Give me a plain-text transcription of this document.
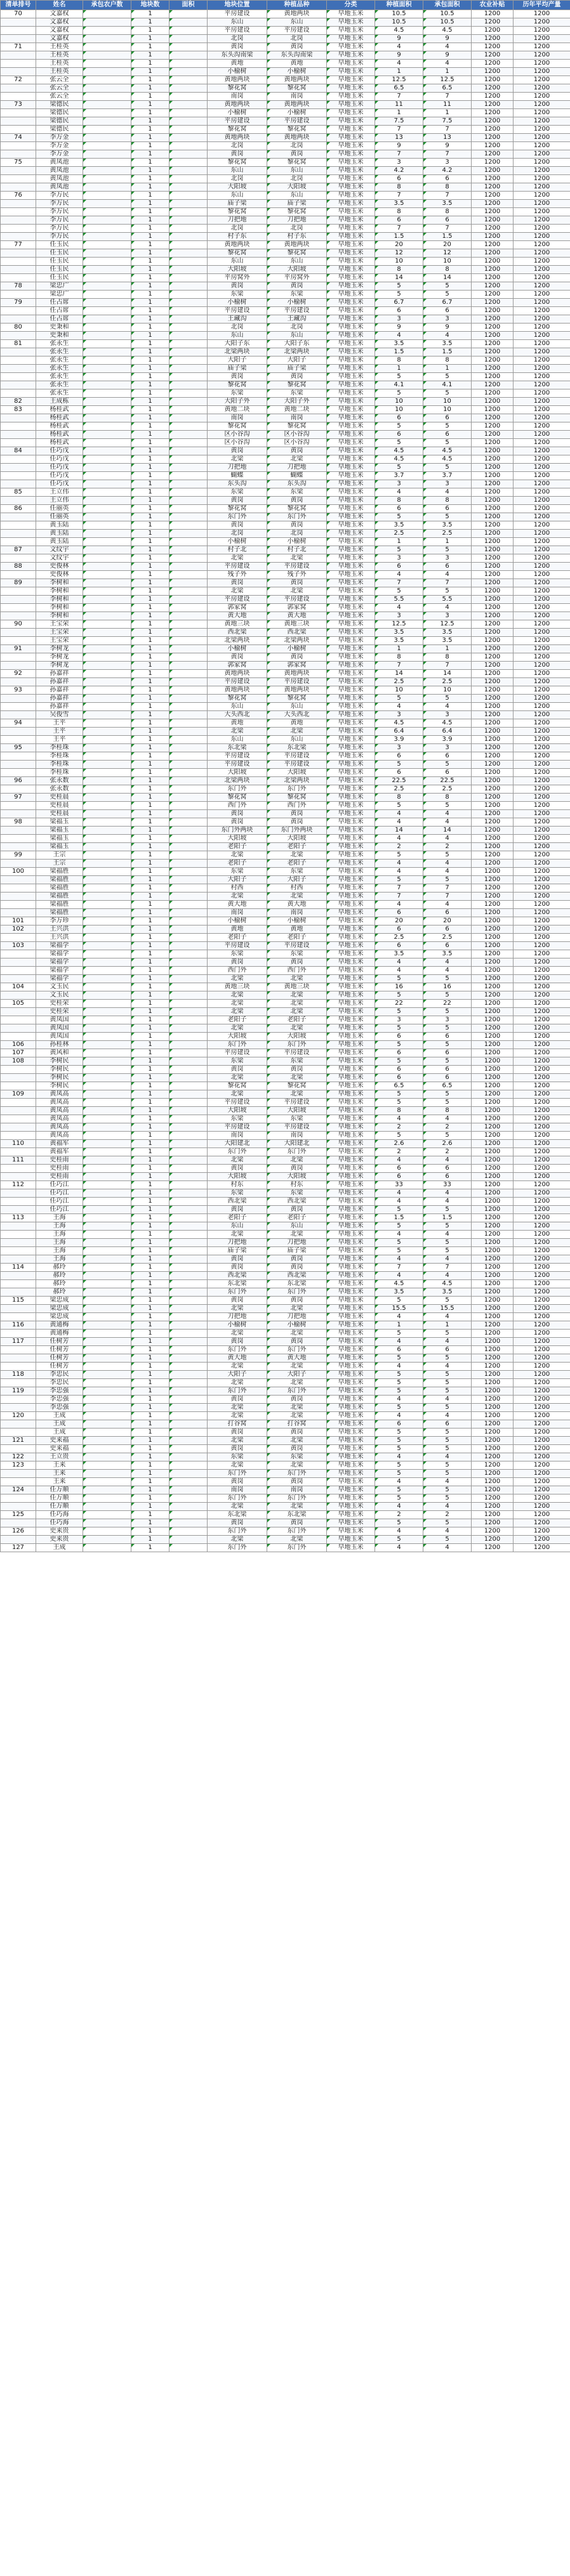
清单排号	姓名	承包农户数	地块数	面积	地块位置	种植品种	分类	种植面积	承包面积	农业补贴	历年平均产量
70	文嘉权		1		平房建设	黄地两块	早地玉米	10.5	10.5	1200	1200
	文嘉权		1		东山	东山	早地玉米	10.5	10.5	1200	1200
	文嘉权		1		平房建设	平房建设	早地玉米	4.5	4.5	1200	1200
	文嘉权		1		北岗	北岗	早地玉米	9	9	1200	1200
71	王桂英		1		黄岗	黄岗	早地玉米	4	4	1200	1200
	王桂英		1		东头沟南梁	东头沟南梁	早地玉米	9	9	1200	1200
	王桂英		1		黄地	黄地	早地玉米	4	4	1200	1200
	王桂英		1		小榆树	小榆树	早地玉米	1	1	1200	1200
72	张云全		1		黄地两块	黄地两块	早地玉米	12.5	12.5	1200	1200
	张云全		1		黎花窝	黎花窝	早地玉米	6.5	6.5	1200	1200
	张云全		1		南岗	南岗	早地玉米	7	7	1200	1200
73	梁德民		1		黄地两块	黄地两块	早地玉米	11	11	1200	1200
	梁德民		1		小榆树	小榆树	早地玉米	1	1	1200	1200
	梁德民		1		平房建设	平房建设	早地玉米	7.5	7.5	1200	1200
	梁德民		1		黎花窝	黎花窝	早地玉米	7	7	1200	1200
74	李万金		1		黄地两块	黄地两块	早地玉米	13	13	1200	1200
	李万金		1		北岗	北岗	早地玉米	9	9	1200	1200
	李万金		1		黄岗	黄岗	早地玉米	7	7	1200	1200
75	黄凤池		1		黎花窝	黎花窝	早地玉米	3	3	1200	1200
	黄凤池		1		东山	东山	早地玉米	4.2	4.2	1200	1200
	黄凤池		1		北岗	北岗	早地玉米	6	6	1200	1200
	黄凤池		1		大阳坡	大阳坡	早地玉米	8	8	1200	1200
76	李万民		1		东山	东山	早地玉米	7	7	1200	1200
	李万民		1		庙子梁	庙子梁	早地玉米	3.5	3.5	1200	1200
	李万民		1		黎花窝	黎花窝	早地玉米	8	8	1200	1200
	李万民		1		刀把地	刀把地	早地玉米	6	6	1200	1200
	李万民		1		北岗	北岗	早地玉米	7	7	1200	1200
	李万民		1		村子东	村子东	早地玉米	1.5	1.5	1200	1200
77	任玉民		1		黄地两块	黄地两块	早地玉米	20	20	1200	1200
	任玉民		1		黎花窝	黎花窝	早地玉米	12	12	1200	1200
	任玉民		1		东山	东山	早地玉米	10	10	1200	1200
	任玉民		1		大阳坡	大阳坡	早地玉米	8	8	1200	1200
	任玉民		1		平房窝外	平房窝外	早地玉米	14	14	1200	1200
78	梁忠广		1		黄岗	黄岗	早地玉米	5	5	1200	1200
	梁忠广		1		东梁	东梁	早地玉米	5	5	1200	1200
79	任占席		1		小榆树	小榆树	早地玉米	6.7	6.7	1200	1200
	任占席		1		平房建设	平房建设	早地玉米	6	6	1200	1200
	任占席		1		王藏沟	王藏沟	早地玉米	3	3	1200	1200
80	史秉和		1		北岗	北岗	早地玉米	9	9	1200	1200
	史秉和		1		东山	东山	早地玉米	4	4	1200	1200
81	张永生		1		大阳子东	大阳子东	早地玉米	3.5	3.5	1200	1200
	张永生		1		北梁两块	北梁两块	早地玉米	1.5	1.5	1200	1200
	张永生		1		大阳子	大阳子	早地玉米	8	8	1200	1200
	张永生		1		庙子梁	庙子梁	早地玉米	1	1	1200	1200
	张永生		1		黄岗	黄岗	早地玉米	5	5	1200	1200
	张永生		1		黎花窝	黎花窝	早地玉米	4.1	4.1	1200	1200
	张永生		1		东梁	东梁	早地玉米	5	5	1200	1200
82	王成栋		1		大阳子外	大阳子外	早地玉米	10	10	1200	1200
83	杨桂武		1		黄地二块	黄地二块	早地玉米	10	10	1200	1200
	杨桂武		1		南岗	南岗	早地玉米	6	6	1200	1200
	杨桂武		1		黎花窝	黎花窝	早地玉米	5	5	1200	1200
	杨桂武		1		区小谷沟	区小谷沟	早地玉米	6	6	1200	1200
	杨桂武		1		区小谷沟	区小谷沟	早地玉米	5	5	1200	1200
84	任巧戊		1		黄岗	黄岗	早地玉米	4.5	4.5	1200	1200
	任巧戊		1		北梁	北梁	早地玉米	4.5	4.5	1200	1200
	任巧戊		1		刀把地	刀把地	早地玉米	5	5	1200	1200
	任巧戊		1		蝴蝶	蝴蝶	早地玉米	3.7	3.7	1200	1200
	任巧戊		1		东头沟	东头沟	早地玉米	3	3	1200	1200
85	王立伟		1		东梁	东梁	早地玉米	4	4	1200	1200
	王立伟		1		黄岗	黄岗	早地玉米	8	8	1200	1200
86	任丽英		1		黎花窝	黎花窝	早地玉米	6	6	1200	1200
	任丽英		1		东门外	东门外	早地玉米	5	5	1200	1200
	黄玉陆		1		黄岗	黄岗	早地玉米	3.5	3.5	1200	1200
	黄玉陆		1		北岗	北岗	早地玉米	2.5	2.5	1200	1200
	黄玉陆		1		小榆树	小榆树	早地玉米	1	1	1200	1200
87	文纹宇		1		村子北	村子北	早地玉米	5	5	1200	1200
	文纹宇		1		北梁	北梁	早地玉米	3	3	1200	1200
88	史俊林		1		平房建设	平房建设	早地玉米	6	6	1200	1200
	史俊林		1		残子外	残子外	早地玉米	4	4	1200	1200
89	李树和		1		黄岗	黄岗	早地玉米	7	7	1200	1200
	李树和		1		北梁	北梁	早地玉米	5	5	1200	1200
	李树和		1		平房建设	平房建设	早地玉米	5.5	5.5	1200	1200
	李树和		1		郭家窝	郭家窝	早地玉米	4	4	1200	1200
	李树和		1		黄大地	黄大地	早地玉米	3	3	1200	1200
90	王宝荣		1		黄地三块	黄地三块	早地玉米	12.5	12.5	1200	1200
	王宝荣		1		西北梁	西北梁	早地玉米	3.5	3.5	1200	1200
	王宝荣		1		北梁两块	北梁两块	早地玉米	3.5	3.5	1200	1200
91	李树龙		1		小榆树	小榆树	早地玉米	1	1	1200	1200
	李树龙		1		黄岗	黄岗	早地玉米	8	8	1200	1200
	李树龙		1		郭家窝	郭家窝	早地玉米	7	7	1200	1200
92	孙嘉祥		1		黄地两块	黄地两块	早地玉米	14	14	1200	1200
	孙嘉祥		1		平房建设	平房建设	早地玉米	2.5	2.5	1200	1200
93	孙嘉祥		1		黄地两块	黄地两块	早地玉米	10	10	1200	1200
	孙嘉祥		1		黎花窝	黎花窝	早地玉米	5	5	1200	1200
	孙嘉祥		1		东山	东山	早地玉米	4	4	1200	1200
	吴俊雪		1		大头西北	大头西北	早地玉米	3	3	1200	1200
94	王平		1		黄地	黄地	早地玉米	4.5	4.5	1200	1200
	王平		1		北梁	北梁	早地玉米	6.4	6.4	1200	1200
	王平		1		东山	东山	早地玉米	3.9	3.9	1200	1200
95	李桂珠		1		东北梁	东北梁	早地玉米	3	3	1200	1200
	李桂珠		1		平房建设	平房建设	早地玉米	6	6	1200	1200
	李桂珠		1		平房建设	平房建设	早地玉米	5	5	1200	1200
	李桂珠		1		大阳坡	大阳坡	早地玉米	6	6	1200	1200
96	张永数		1		北梁两块	北梁两块	早地玉米	22.5	22.5	1200	1200
	张永数		1		东门外	东门外	早地玉米	2.5	2.5	1200	1200
97	史桂晨		1		黎花窝	黎花窝	早地玉米	8	8	1200	1200
	史桂晨		1		西门外	西门外	早地玉米	5	5	1200	1200
	史桂晨		1		黄岗	黄岗	早地玉米	4	4	1200	1200
98	梁福玉		1		黄岗	黄岗	早地玉米	4	4	1200	1200
	梁福玉		1		东门外两块	东门外两块	早地玉米	14	14	1200	1200
	梁福玉		1		大阳坡	大阳坡	早地玉米	4	4	1200	1200
	梁福玉		1		老阳子	老阳子	早地玉米	2	2	1200	1200
99	王宗		1		北梁	北梁	早地玉米	5	5	1200	1200
	王宗		1		老阳子	老阳子	早地玉米	4	4	1200	1200
100	梁福胜		1		东梁	东梁	早地玉米	4	4	1200	1200
	梁福胜		1		大阳子	大阳子	早地玉米	5	5	1200	1200
	梁福胜		1		村西	村西	早地玉米	7	7	1200	1200
	梁福胜		1		北梁	北梁	早地玉米	7	7	1200	1200
	梁福胜		1		黄大地	黄大地	早地玉米	4	4	1200	1200
	梁福胜		1		南岗	南岗	早地玉米	6	6	1200	1200
101	李万珍		1		小榆树	小榆树	早地玉米	20	20	1200	1200
102	王兴洪		1		黄地	黄地	早地玉米	6	6	1200	1200
	王兴洪		1		老阳子	老阳子	早地玉米	2.5	2.5	1200	1200
103	梁福学		1		平房建设	平房建设	早地玉米	6	6	1200	1200
	梁福学		1		东梁	东梁	早地玉米	3.5	3.5	1200	1200
	梁福学		1		黄岗	黄岗	早地玉米	4	4	1200	1200
	梁福学		1		西门外	西门外	早地玉米	4	4	1200	1200
	梁福学		1		北梁	北梁	早地玉米	5	5	1200	1200
104	文玉民		1		黄地三块	黄地三块	早地玉米	16	16	1200	1200
	文玉民		1		北梁	北梁	早地玉米	5	5	1200	1200
105	史桂荣		1		北梁	北梁	早地玉米	22	22	1200	1200
	史桂荣		1		北梁	北梁	早地玉米	5	5	1200	1200
	黄凤国		1		老阳子	老阳子	早地玉米	3	3	1200	1200
	黄凤国		1		北梁	北梁	早地玉米	5	5	1200	1200
	黄凤国		1		大阳坡	大阳坡	早地玉米	6	6	1200	1200
106	孙桂林		1		东门外	东门外	早地玉米	5	5	1200	1200
107	黄风和		1		平房建设	平房建设	早地玉米	6	6	1200	1200
108	李树民		1		东梁	东梁	早地玉米	5	5	1200	1200
	李树民		1		黄岗	黄岗	早地玉米	6	6	1200	1200
	李树民		1		北梁	北梁	早地玉米	6	6	1200	1200
	李树民		1		黎花窝	黎花窝	早地玉米	6.5	6.5	1200	1200
109	黄凤高		1		北梁	北梁	早地玉米	5	5	1200	1200
	黄凤高		1		平房建设	平房建设	早地玉米	5	5	1200	1200
	黄凤高		1		大阳坡	大阳坡	早地玉米	8	8	1200	1200
	黄凤高		1		东梁	东梁	早地玉米	4	4	1200	1200
	黄凤高		1		平房建设	平房建设	早地玉米	2	2	1200	1200
	黄凤高		1		南岗	南岗	早地玉米	5	5	1200	1200
110	黄福军		1		大阳建北	大阳建北	早地玉米	2.6	2.6	1200	1200
	黄福军		1		东门外	东门外	早地玉米	2	2	1200	1200
111	史桂雨		1		北梁	北梁	早地玉米	4	4	1200	1200
	史桂雨		1		黄岗	黄岗	早地玉米	6	6	1200	1200
	史桂雨		1		大阳坡	大阳坡	早地玉米	6	6	1200	1200
112	任巧江		1		村东	村东	早地玉米	33	33	1200	1200
	任巧江		1		东梁	东梁	早地玉米	4	4	1200	1200
	任巧江		1		西北梁	西北梁	早地玉米	4	4	1200	1200
	任巧江		1		黄岗	黄岗	早地玉米	5	5	1200	1200
113	王海		1		老阳子	老阳子	早地玉米	1.5	1.5	1200	1200
	王海		1		东山	东山	早地玉米	5	5	1200	1200
	王海		1		北梁	北梁	早地玉米	4	4	1200	1200
	王海		1		刀把地	刀把地	早地玉米	5	5	1200	1200
	王海		1		庙子梁	庙子梁	早地玉米	5	5	1200	1200
	王海		1		黄岗	黄岗	早地玉米	4	4	1200	1200
114	郝玲		1		黄岗	黄岗	早地玉米	7	7	1200	1200
	郝玲		1		西北梁	西北梁	早地玉米	4	4	1200	1200
	郝玲		1		东北梁	东北梁	早地玉米	4.5	4.5	1200	1200
	郝玲		1		东门外	东门外	早地玉米	3.5	3.5	1200	1200
115	梁忠成		1		黄岗	黄岗	早地玉米	5	5	1200	1200
	梁忠成		1		北梁	北梁	早地玉米	15.5	15.5	1200	1200
	梁忠成		1		刀把地	刀把地	早地玉米	4	4	1200	1200
116	黄通梅		1		小榆树	小榆树	早地玉米	1	1	1200	1200
	黄通梅		1		北梁	北梁	早地玉米	5	5	1200	1200
117	任树芳		1		黄岗	黄岗	早地玉米	4	4	1200	1200
	任树芳		1		东门外	东门外	早地玉米	6	6	1200	1200
	任树芳		1		黄大地	黄大地	早地玉米	5	5	1200	1200
	任树芳		1		北梁	北梁	早地玉米	4	4	1200	1200
118	李忠民		1		大阳子	大阳子	早地玉米	5	5	1200	1200
	李忠民		1		北梁	北梁	早地玉米	5	5	1200	1200
119	李忠强		1		东门外	东门外	早地玉米	5	5	1200	1200
	李忠强		1		黄岗	黄岗	早地玉米	4	4	1200	1200
	李忠强		1		北梁	北梁	早地玉米	5	5	1200	1200
120	王成		1		北梁	北梁	早地玉米	4	4	1200	1200
	王成		1		打谷窝	打谷窝	早地玉米	6	6	1200	1200
	王成		1		黄岗	黄岗	早地玉米	5	5	1200	1200
121	史来福		1		北梁	北梁	早地玉米	5	5	1200	1200
	史来福		1		黄岗	黄岗	早地玉米	5	5	1200	1200
122	王立贵		1		东梁	东梁	早地玉米	4	4	1200	1200
123	王来		1		北梁	北梁	早地玉米	5	5	1200	1200
	王来		1		东门外	东门外	早地玉米	5	5	1200	1200
	王来		1		黄岗	黄岗	早地玉米	4	4	1200	1200
124	任万顺		1		南岗	南岗	早地玉米	5	5	1200	1200
	任万顺		1		东门外	东门外	早地玉米	5	5	1200	1200
	任万顺		1		北梁	北梁	早地玉米	4	4	1200	1200
125	任巧海		1		东北梁	东北梁	早地玉米	2	2	1200	1200
	任巧海		1		黄岗	黄岗	早地玉米	5	5	1200	1200
126	史来贵		1		东门外	东门外	早地玉米	4	4	1200	1200
	史来贵		1		北梁	北梁	早地玉米	5	5	1200	1200
127	王成		1		东门外	东门外	早地玉米	4	4	1200	1200
